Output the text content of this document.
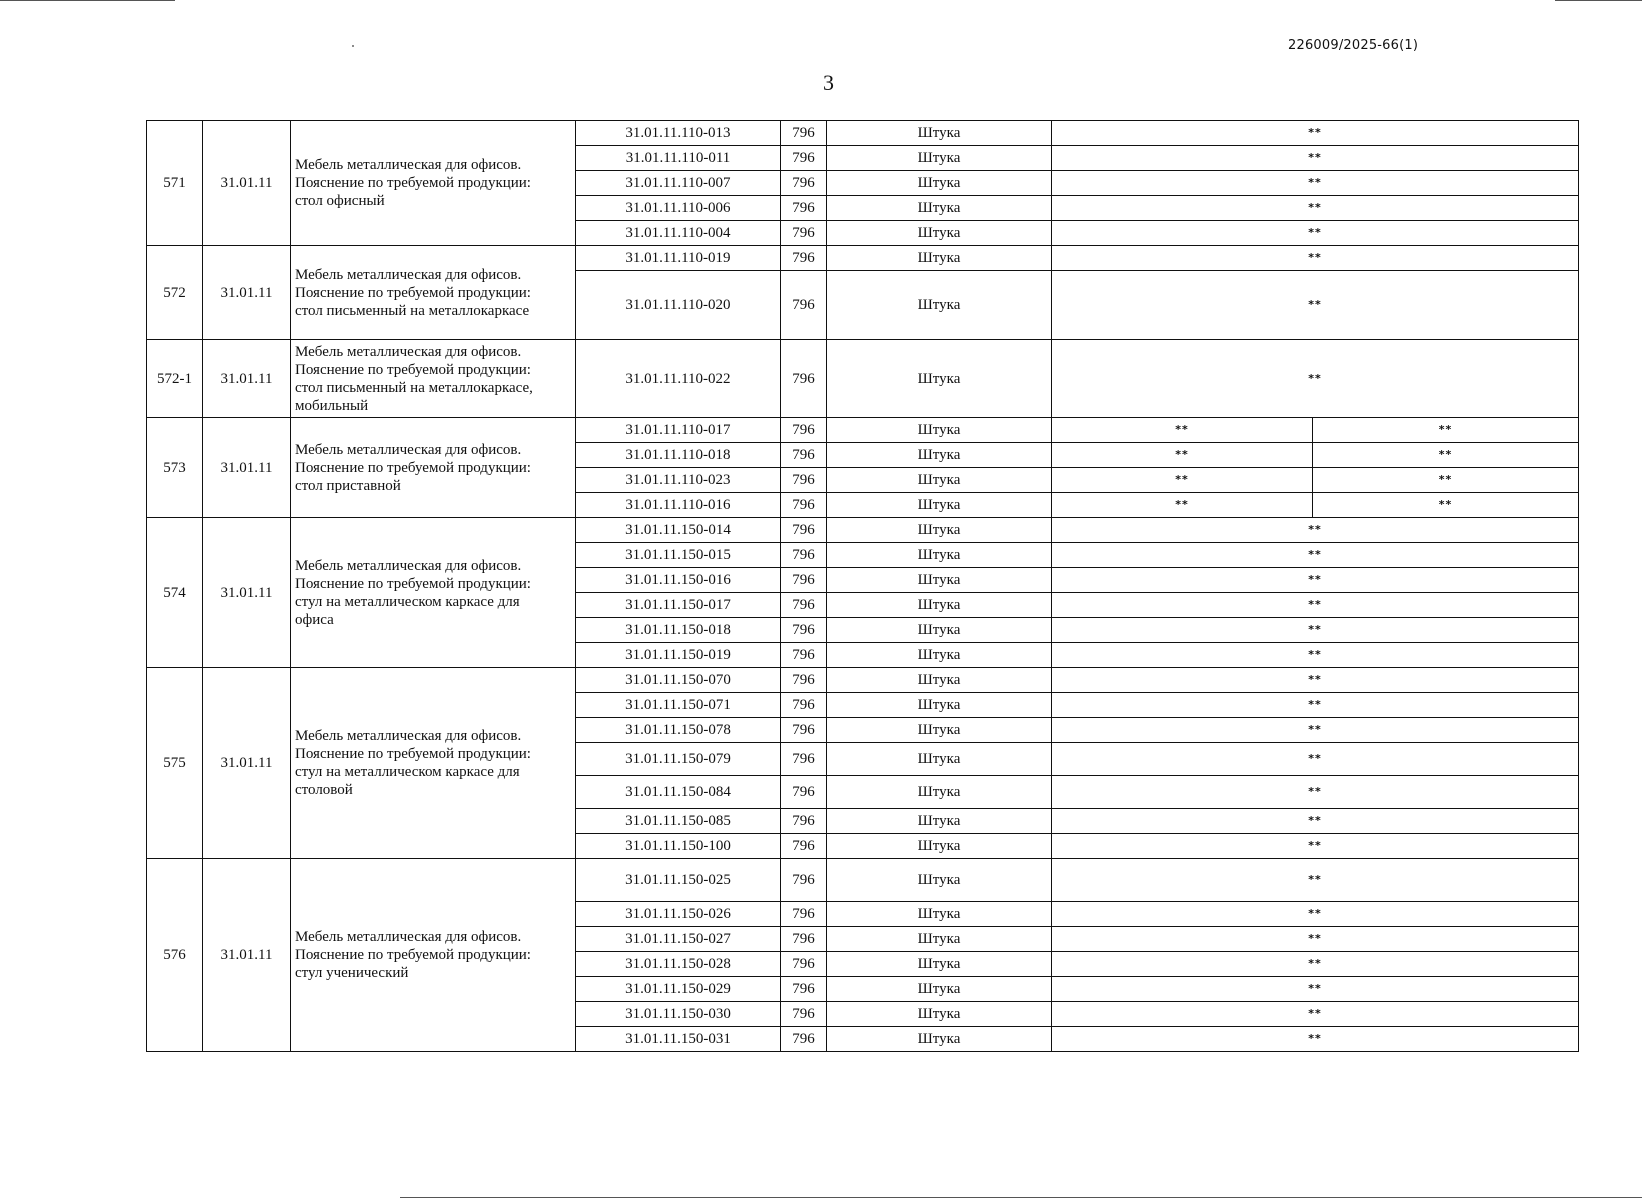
226009/2025-66(1)
3
571	31.01.11	Мебель металлическая для офисов.
Пояснение по требуемой продукции:
стол офисный	31.01.11.110-013	796	Штука	**	
			31.01.11.110-011	796	Штука	**	
			31.01.11.110-007	796	Штука	**	
			31.01.11.110-006	796	Штука	**	
			31.01.11.110-004	796	Штука	**	
572	31.01.11	Мебель металлическая для офисов.
Пояснение по требуемой продукции:
стол письменный на металлокаркасе	31.01.11.110-019	796	Штука	**	
			31.01.11.110-020	796	Штука	**	
572-1	31.01.11	Мебель металлическая для офисов.
Пояснение по требуемой продукции:
стол письменный на металлокаркасе,
мобильный	31.01.11.110-022	796	Штука	**	
573	31.01.11	Мебель металлическая для офисов.
Пояснение по требуемой продукции:
стол приставной	31.01.11.110-017	796	Штука	**	**
			31.01.11.110-018	796	Штука	**	**
			31.01.11.110-023	796	Штука	**	**
			31.01.11.110-016	796	Штука	**	**
574	31.01.11	Мебель металлическая для офисов.
Пояснение по требуемой продукции:
стул на металлическом каркасе для
офиса	31.01.11.150-014	796	Штука	**	
			31.01.11.150-015	796	Штука	**	
			31.01.11.150-016	796	Штука	**	
			31.01.11.150-017	796	Штука	**	
			31.01.11.150-018	796	Штука	**	
			31.01.11.150-019	796	Штука	**	
575	31.01.11	Мебель металлическая для офисов.
Пояснение по требуемой продукции:
стул на металлическом каркасе для
столовой	31.01.11.150-070	796	Штука	**	
			31.01.11.150-071	796	Штука	**	
			31.01.11.150-078	796	Штука	**	
			31.01.11.150-079	796	Штука	**	
			31.01.11.150-084	796	Штука	**	
			31.01.11.150-085	796	Штука	**	
			31.01.11.150-100	796	Штука	**	
576	31.01.11	Мебель металлическая для офисов.
Пояснение по требуемой продукции:
стул ученический	31.01.11.150-025	796	Штука	**	
			31.01.11.150-026	796	Штука	**	
			31.01.11.150-027	796	Штука	**	
			31.01.11.150-028	796	Штука	**	
			31.01.11.150-029	796	Штука	**	
			31.01.11.150-030	796	Штука	**	
			31.01.11.150-031	796	Штука	**	
